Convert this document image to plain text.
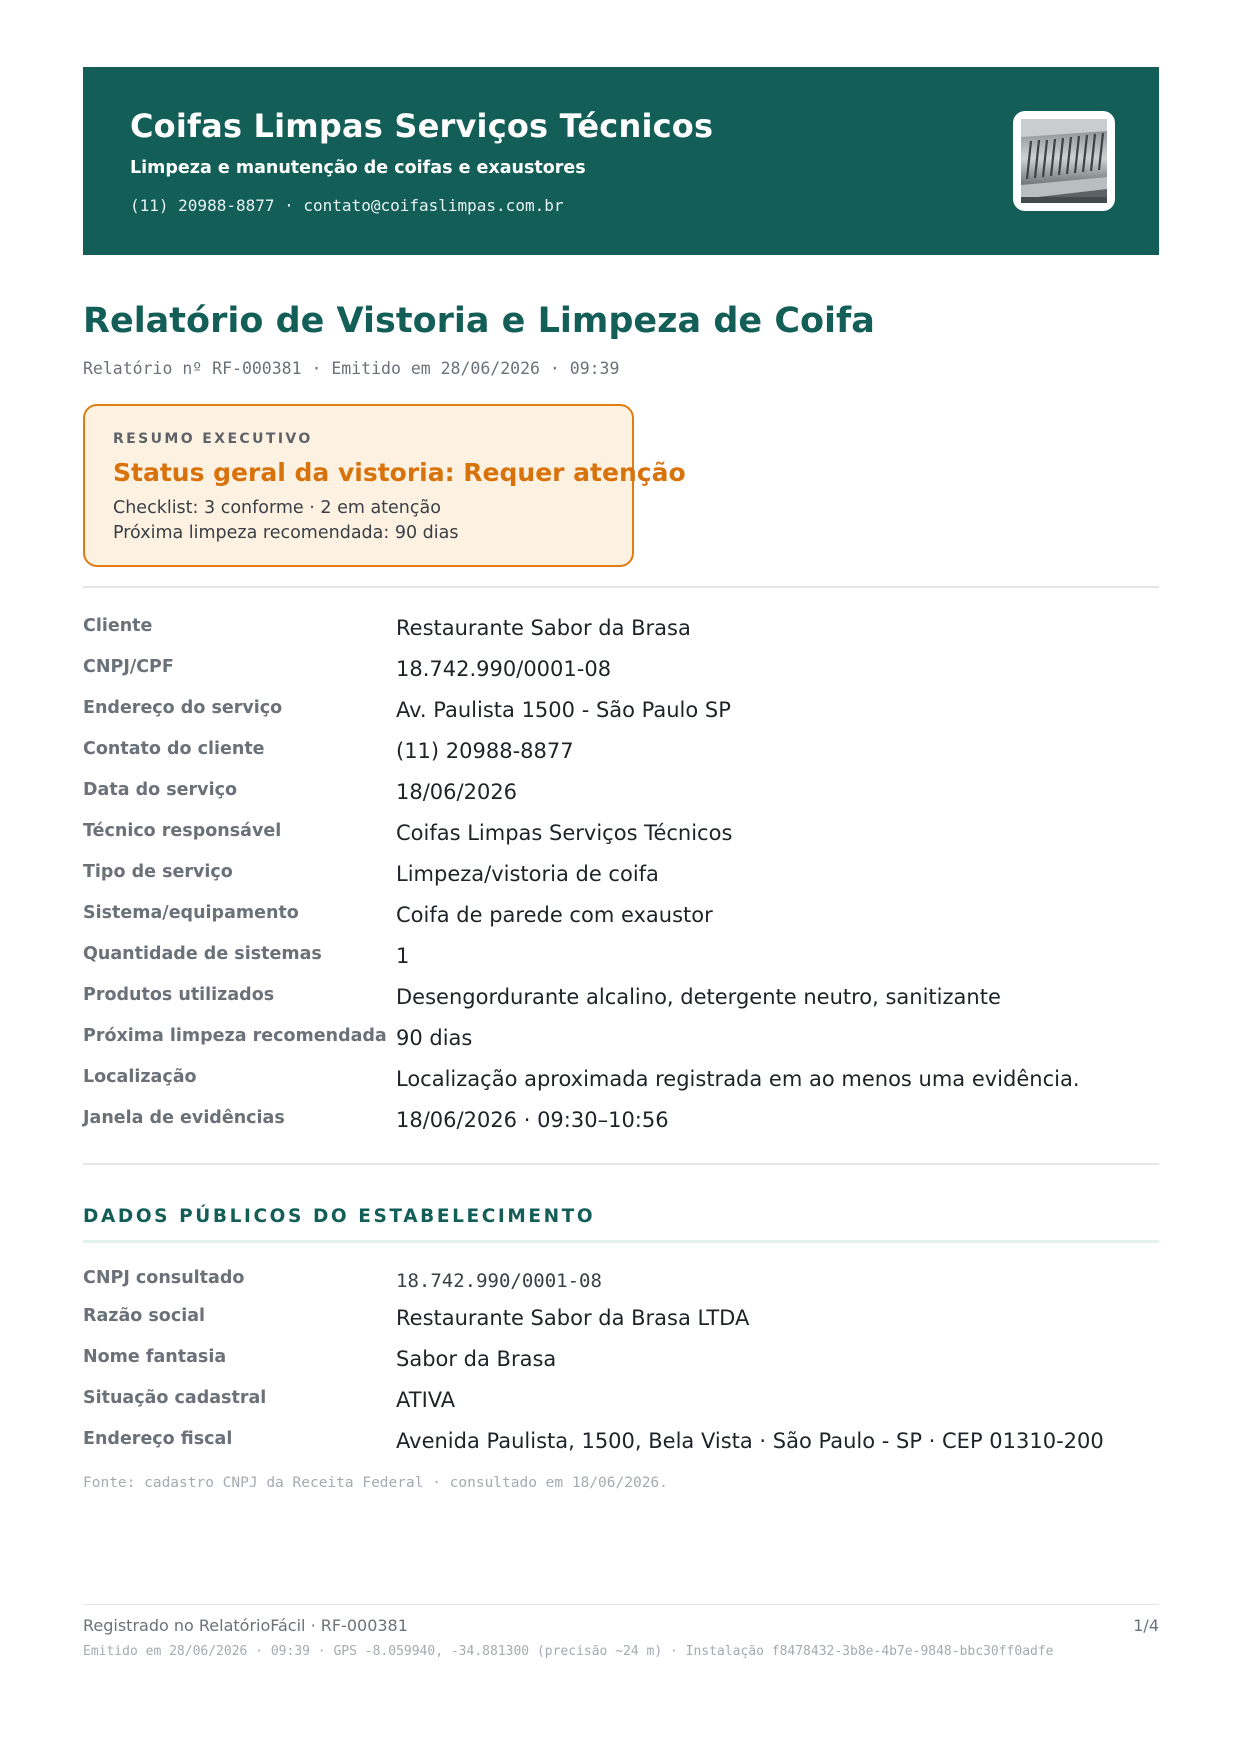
Coifas Limpas Serviços Técnicos
Limpeza e manutenção de coifas e exaustores
(11) 20988-8877 · contato@coifaslimpas.com.br
Relatório de Vistoria e Limpeza de Coifa
Relatório nº RF-000381 · Emitido em 28/06/2026 · 09:39
RESUMO EXECUTIVO
Status geral da vistoria: Requer atenção
Checklist: 3 conforme · 2 em atenção
Próxima limpeza recomendada: 90 dias
Cliente	Restaurante Sabor da Brasa
CNPJ/CPF	18.742.990/0001-08
Endereço do serviço	Av. Paulista 1500 - São Paulo SP
Contato do cliente	(11) 20988-8877
Data do serviço	18/06/2026
Técnico responsável	Coifas Limpas Serviços Técnicos
Tipo de serviço	Limpeza/vistoria de coifa
Sistema/equipamento	Coifa de parede com exaustor
Quantidade de sistemas	1
Produtos utilizados	Desengordurante alcalino, detergente neutro, sanitizante
Próxima limpeza recomendada 90 dias
Localização	Localização aproximada registrada em ao menos uma evidência.
Janela de evidências	18/06/2026 · 09:30–10:56
DADOS PÚBLICOS DO ESTABELECIMENTO
CNPJ consultado	18.742.990/0001-08
Razão social	Restaurante Sabor da Brasa LTDA
Nome fantasia	Sabor da Brasa
Situação cadastral	ATIVA
Endereço fiscal	Avenida Paulista, 1500, Bela Vista · São Paulo - SP · CEP 01310-200
Fonte: cadastro CNPJ da Receita Federal · consultado em 18/06/2026.
Registrado no RelatórioFácil · RF-000381	1/4
Emitido em 28/06/2026 · 09:39 · GPS -8.059940, -34.881300 (precisão ~24 m) · Instalação f8478432-3b8e-4b7e-9848-bbc30ff0adfe
